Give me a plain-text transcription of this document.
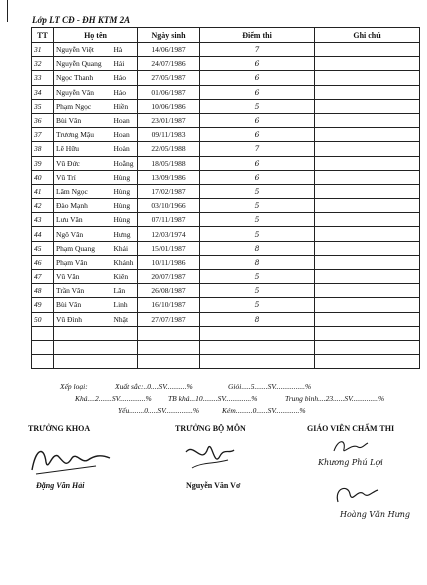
Lớp LT CĐ - ĐH KTM 2A
TT	Họ tên		Ngày sinh	Điểm thi	Ghi chú
31	Nguyễn Việt	Hà	14/06/1987	7	
32	Nguyễn Quang	Hải	24/07/1986	6	
33	Ngọc Thanh	Hảo	27/05/1987	6	
34	Nguyễn Văn	Hảo	01/06/1987	6	
35	Phạm Ngọc	Hiền	10/06/1986	5	
36	Bùi Văn	Hoan	23/01/1987	6	
37	Trương Mậu	Hoan	09/11/1983	6	
38	Lê Hữu	Hoàn	22/05/1988	7	
39	Vũ Đức	Hoằng	18/05/1988	6	
40	Vũ Trí	Hùng	13/09/1986	6	
41	Lâm Ngọc	Hùng	17/02/1987	5	
42	Đào Mạnh	Hùng	03/10/1966	5	
43	Lưu Văn	Hùng	07/11/1987	5	
44	Ngô Văn	Hưng	12/03/1974	5	
45	Phạm Quang	Khải	15/01/1987	8	
46	Phạm Văn	Khánh	10/11/1986	8	
47	Vũ Văn	Kiên	20/07/1987	5	
48	Trần Văn	Lân	26/08/1987	5	
49	Bùi Văn	Linh	16/10/1987	5	
50	Vũ Đình	Nhật	27/07/1987	8	

Xếp loại:	Xuất sắc:..0....SV...........%	Giỏi.....5.......SV................%
Khá....2.......SV..............% TB khá...10........SV..............%	Trung bình....23......SV..............%
Yếu........0.....SV...............%	Kém.........0......SV.............%
TRƯỞNG KHOA
Đặng Văn Hải
TRƯỞNG BỘ MÔN
Nguyễn Văn Vơ
GIÁO VIÊN CHẤM THI
Khương Phú Lợi
Hoàng Văn Hưng
